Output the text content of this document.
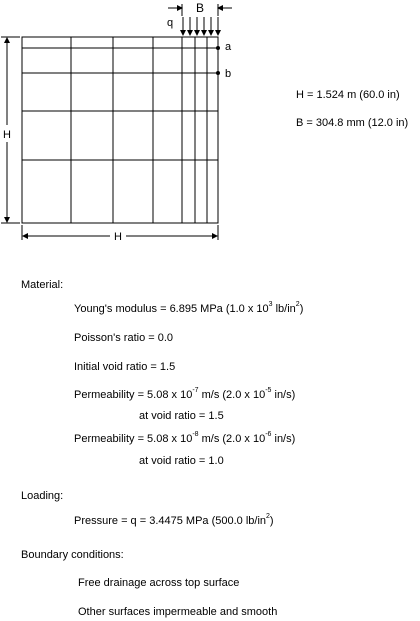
B
q
a
b
H
H
H = 1.524 m (60.0 in)
B = 304.8 mm (12.0 in)
Material:
Young's modulus = 6.895 MPa (1.0 x $10^3$ $lb/in^2$)
Poisson's ratio = 0.0
Initial void ratio = 1.5
Permeability = 5.08 x $10^{-7}$ m/s (2.0 x $10^{-5}$ in/s)
at void ratio = 1.5
Permeability = 5.08 x $10^{-8}$ m/s (2.0 x $10^{-6}$ in/s)
at void ratio = 1.0
Loading:
Pressure = q = 3.4475 MPa (500.0 $lb/in^2$)
Boundary conditions:
Free drainage across top surface
Other surfaces impermeable and smooth
